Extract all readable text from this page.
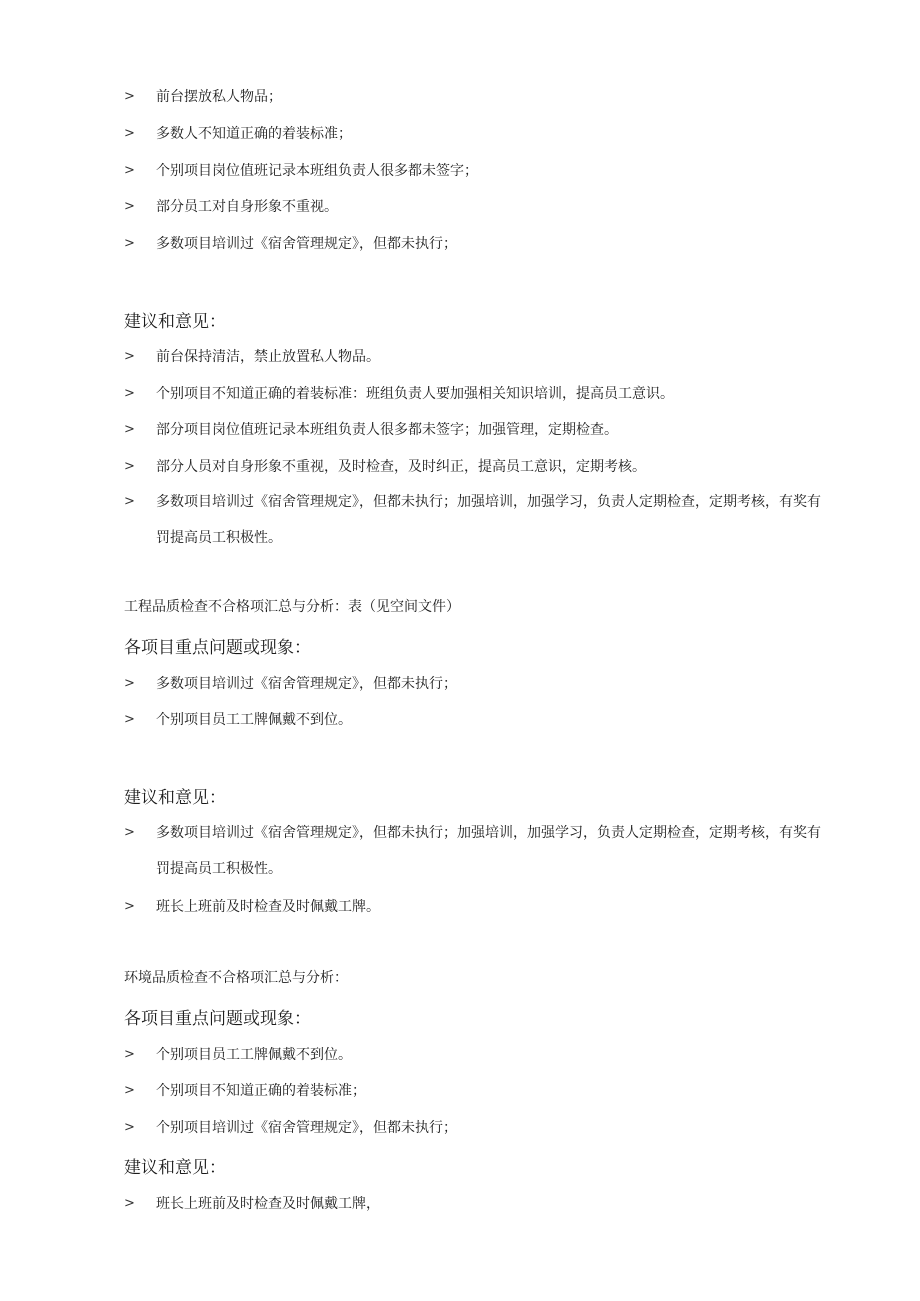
>	前台摆放私人物品；
>	多数人不知道正确的着装标准；
>	个别项目岗位值班记录本班组负责人很多都未签字；
>	部分员工对自身形象不重视。
>	多数项目培训过《宿舍管理规定》，但都未执行；
建议和意见：
>	前台保持清洁，禁止放置私人物品。
>	个别项目不知道正确的着装标准：班组负责人要加强相关知识培训，提高员工意识。
>	部分项目岗位值班记录本班组负责人很多都未签字；加强管理，定期检查。
>	部分人员对自身形象不重视，及时检查，及时纠正，提高员工意识，定期考核。
>	多数项目培训过《宿舍管理规定》，但都未执行；加强培训，加强学习，负责人定期检查，定期考核，有奖有罚提高员工积极性。
工程品质检查不合格项汇总与分析：表（见空间文件）
各项目重点问题或现象：
>	多数项目培训过《宿舍管理规定》，但都未执行；
>	个别项目员工工牌佩戴不到位。
建议和意见：
>	多数项目培训过《宿舍管理规定》，但都未执行；加强培训，加强学习，负责人定期检查，定期考核，有奖有罚提高员工积极性。
>	班长上班前及时检查及时佩戴工牌。
环境品质检查不合格项汇总与分析：
各项目重点问题或现象：
>	个别项目员工工牌佩戴不到位。
>	个别项目不知道正确的着装标准；
>	个别项目培训过《宿舍管理规定》，但都未执行；
建议和意见：
>	班长上班前及时检查及时佩戴工牌，
